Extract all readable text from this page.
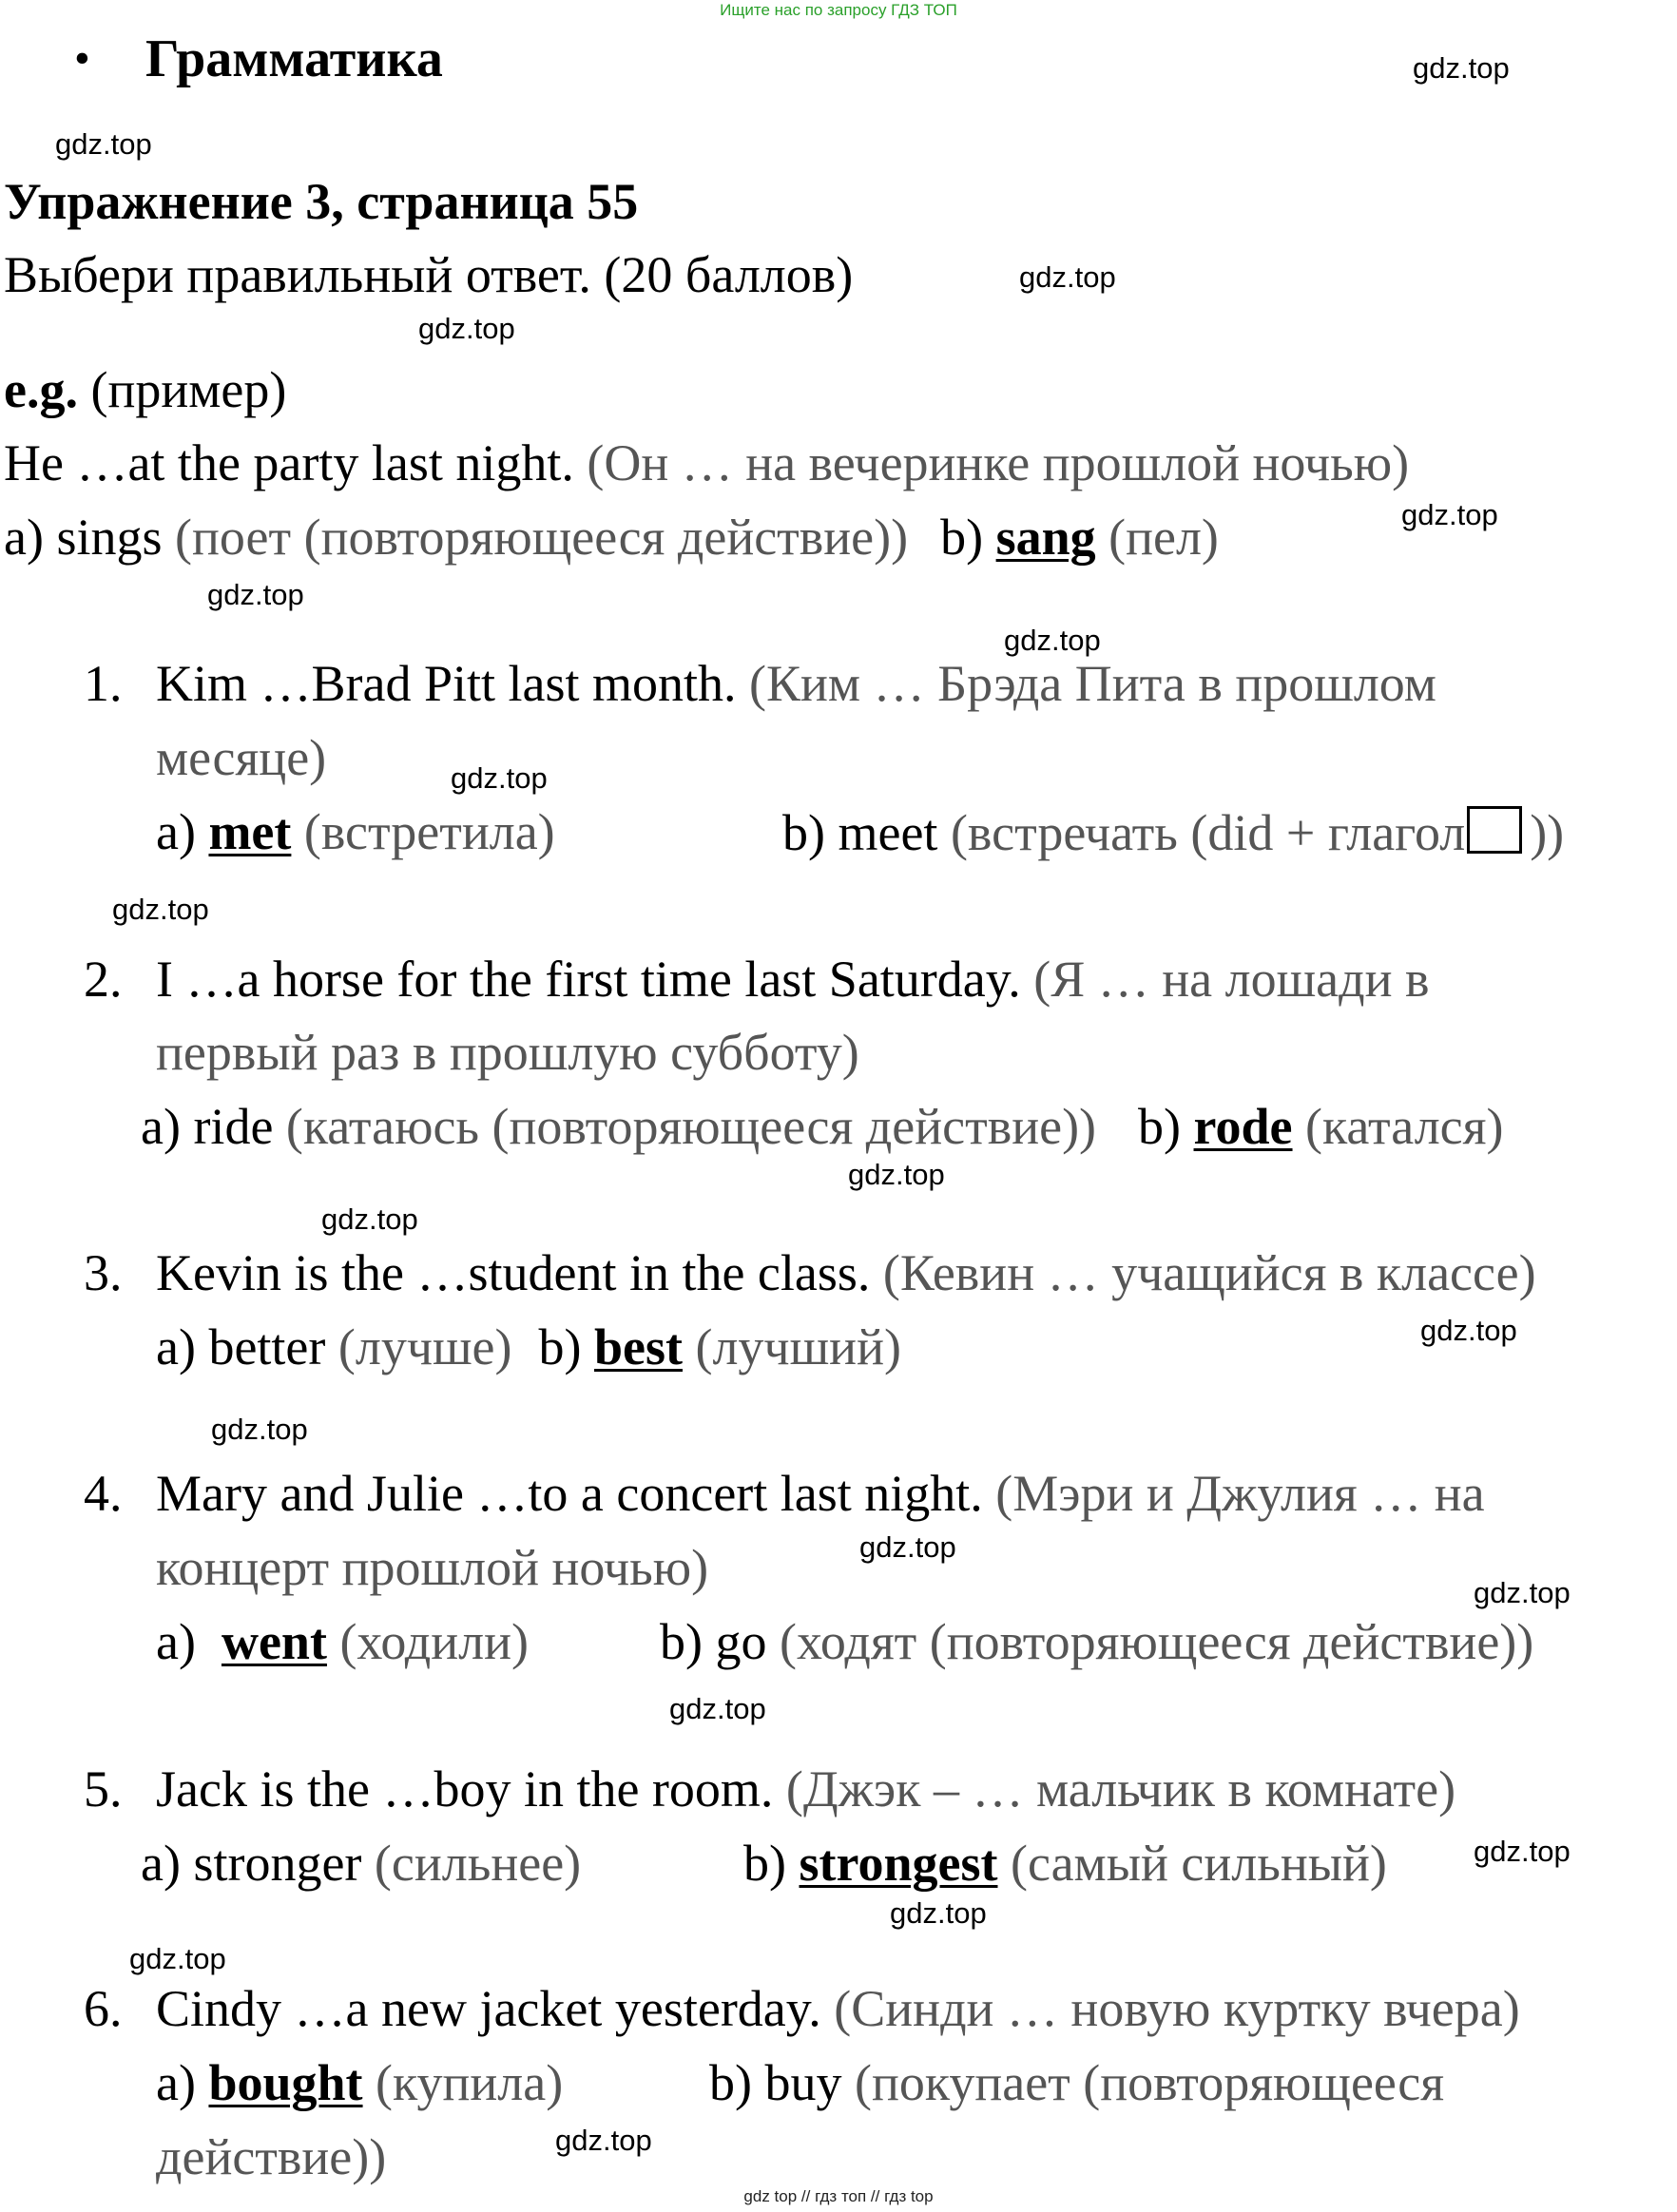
Ищите нас по запросу ГДЗ ТОП
• Грамматика
Упражнение 3, страница 55
Выбери правильный ответ. (20 баллов)
e.g. (пример)
He …at the party last night. (Он … на вечеринке прошлой ночью)
a) sings (поет (повторяющееся действие)) b) sang (пел)
1. Kim …Brad Pitt last month. (Ким … Брэда Пита в прошлом
месяце)
a) met (встретила)	b) meet (встречать (did + глагол ))
2. I …a horse for the first time last Saturday. (Я … на лошади в
первый раз в прошлую субботу)
a) ride (катаюсь (повторяющееся действие)) b) rode (катался)
3. Kevin is the …student in the class. (Кевин … учащийся в классе)
a) better (лучше) b) best (лучший)
4. Mary and Julie …to a concert last night. (Мэри и Джулия … на
концерт прошлой ночью)
a)  went (ходили)	b) go (ходят (повторяющееся действие))
5. Jack is the …boy in the room. (Джэк – … мальчик в комнате)
a) stronger (сильнее)	b) strongest (самый сильный)
6. Cindy …a new jacket yesterday. (Синди … новую куртку вчера)
a) bought (купила)	b) buy (покупает (повторяющееся
действие))
gdz.top
gdz.top
gdz.top
gdz.top
gdz.top
gdz.top
gdz.top
gdz.top
gdz.top
gdz.top
gdz.top
gdz.top
gdz.top
gdz.top
gdz.top
gdz.top
gdz.top
gdz.top
gdz.top
gdz.top
gdz top // гдз топ // гдз top
